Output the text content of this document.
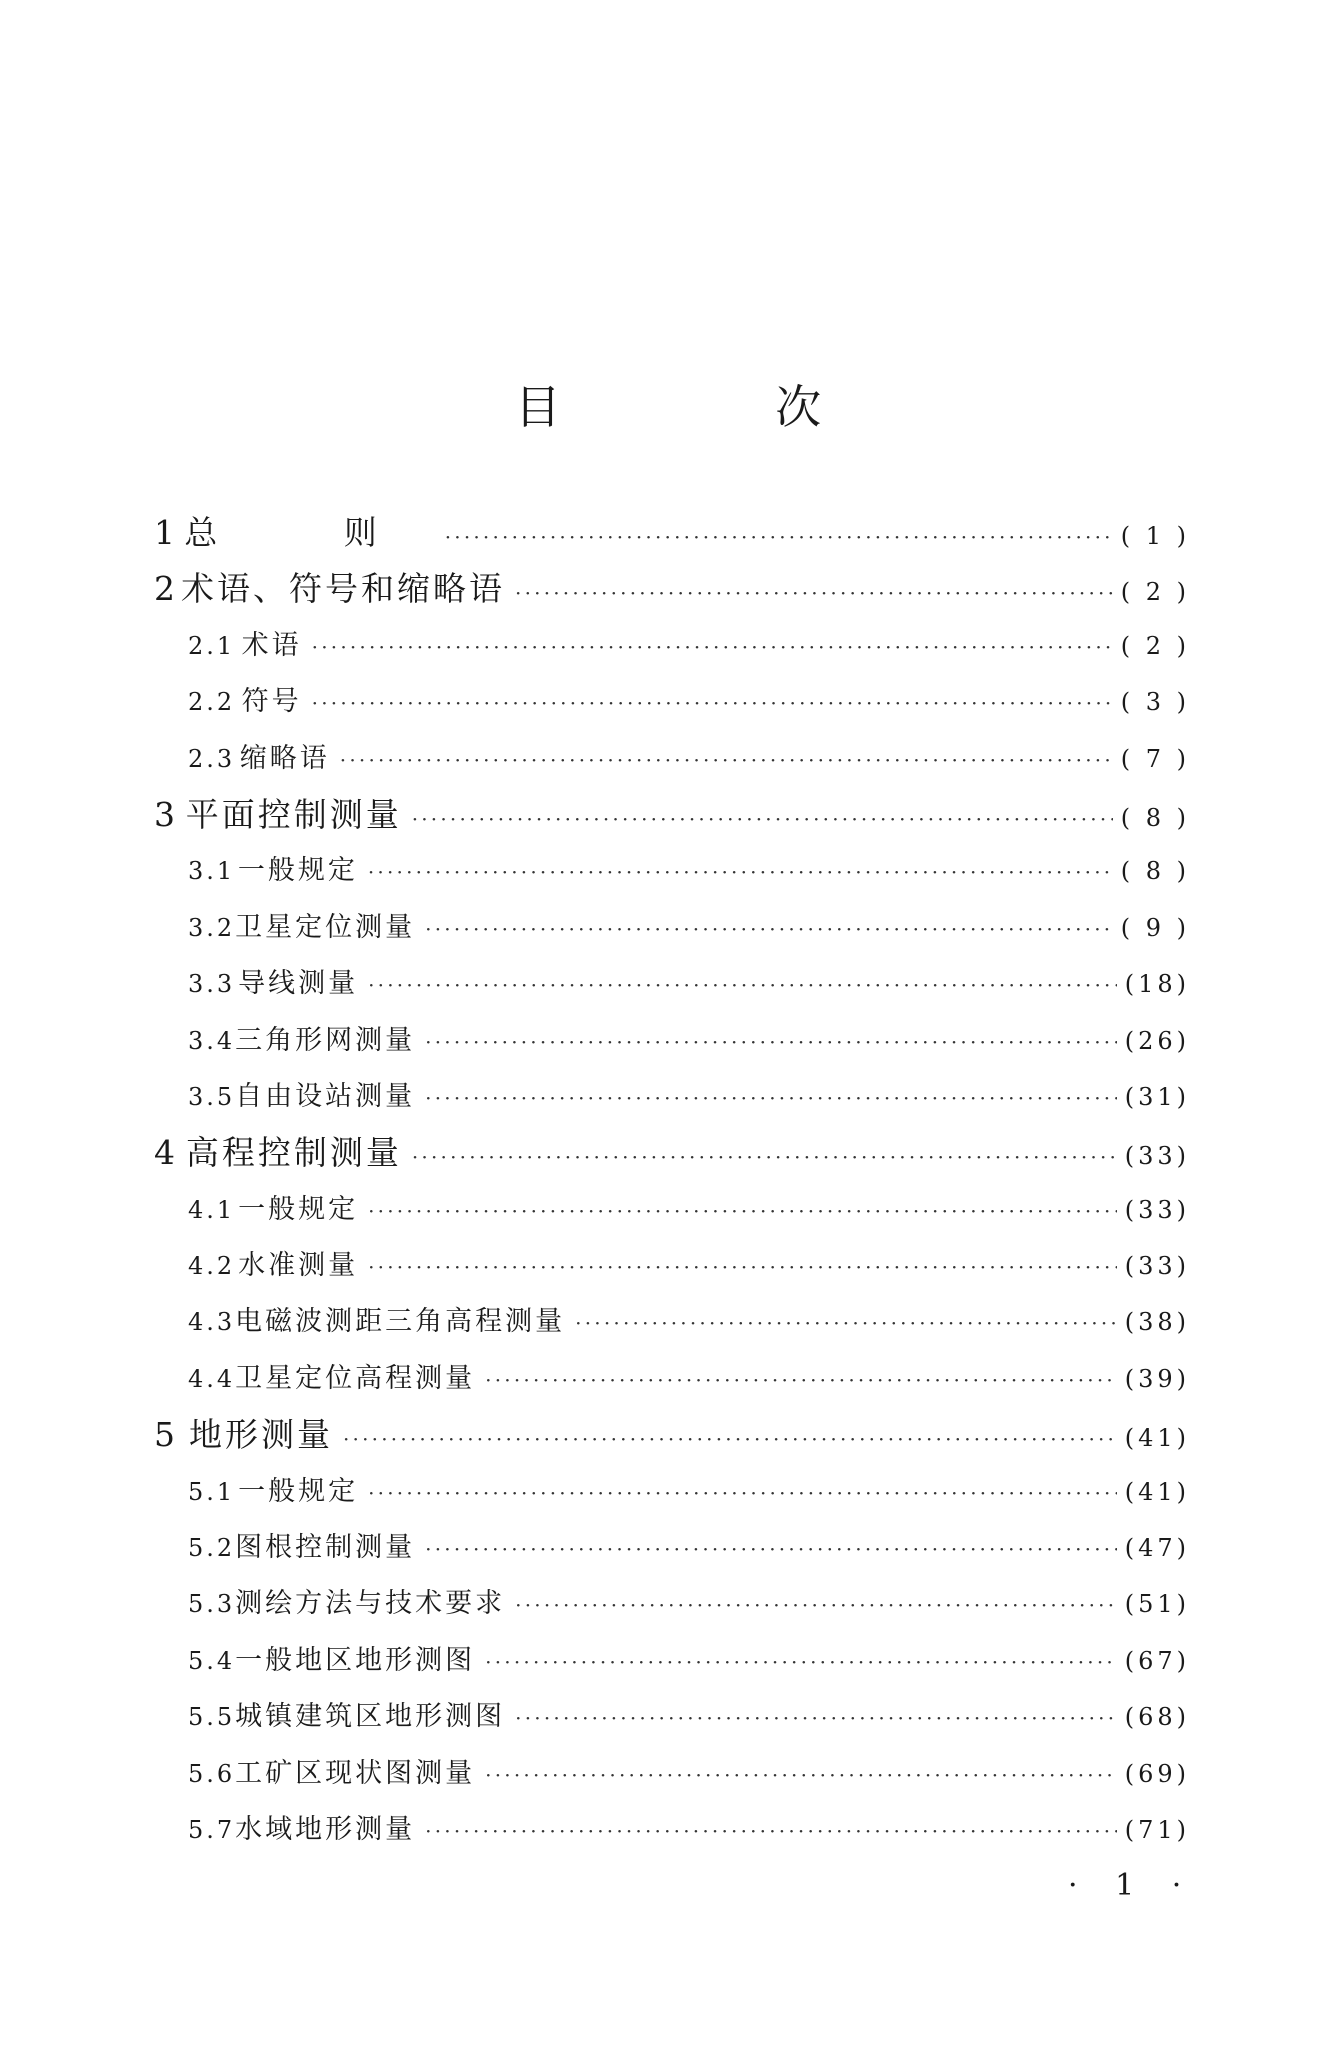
目 次
1 总 则 ·····	( 1 )
2 术语、符号和缩略语 ·····	( 2 )
2.1 术语 ·····	( 2 )
2.2 符号 ·····	( 3 )
2.3 缩略语 ·····	( 7 )
3 平面控制测量 ·····	( 8 )
3.1 一般规定 ·····	( 8 )
3.2 卫星定位测量 ·····	( 9 )
3.3 导线测量 ·····	(18)
3.4 三角形网测量 ·····	(26)
3.5 自由设站测量 ·····	(31)
4 高程控制测量 ·····	(33)
4.1 一般规定 ·····	(33)
4.2 水准测量 ·····	(33)
4.3 电磁波测距三角高程测量 ·····	(38)
4.4 卫星定位高程测量 ·····	(39)
5 地形测量 ·····	(41)
5.1 一般规定 ·····	(41)
5.2 图根控制测量 ·····	(47)
5.3 测绘方法与技术要求 ·····	(51)
5.4 一般地区地形测图 ·····	(67)
5.5 城镇建筑区地形测图 ·····	(68)
5.6 工矿区现状图测量 ·····	(69)
5.7 水域地形测量 ·····	(71)
· 1 ·
